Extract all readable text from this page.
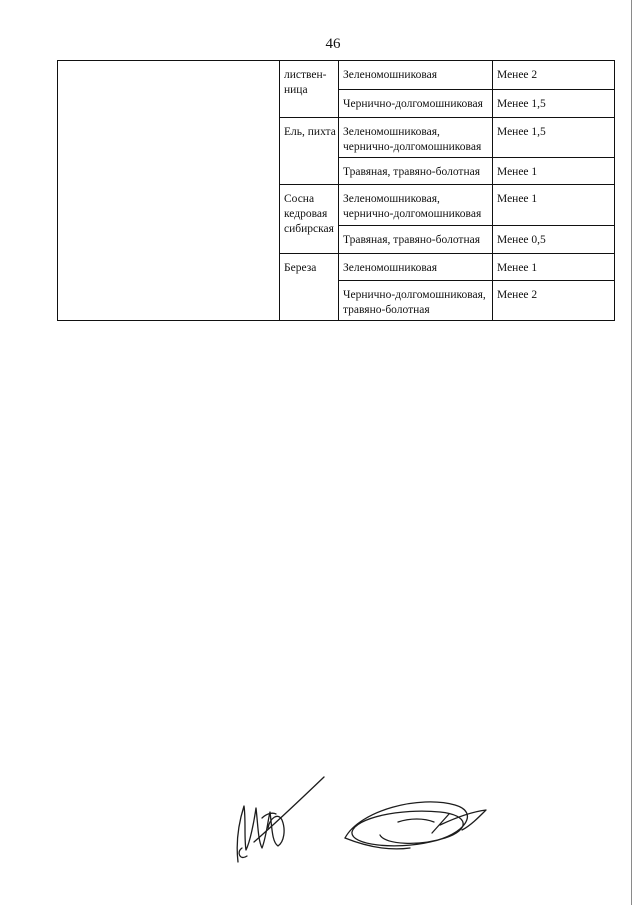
46
	листвен-
ница	Зеленомошниковая	Менее 2
		Чернично-долгомошниковая	Менее 1,5
	Ель, пихта	Зеленомошниковая,
чернично-долгомошниковая	Менее 1,5
		Травяная, травяно-болотная	Менее 1
	Сосна
кедровая
сибирская	Зеленомошниковая,
чернично-долгомошниковая	Менее 1
		Травяная, травяно-болотная	Менее 0,5
	Береза	Зеленомошниковая	Менее 1
		Чернично-долгомошниковая,
травяно-болотная	Менее 2
